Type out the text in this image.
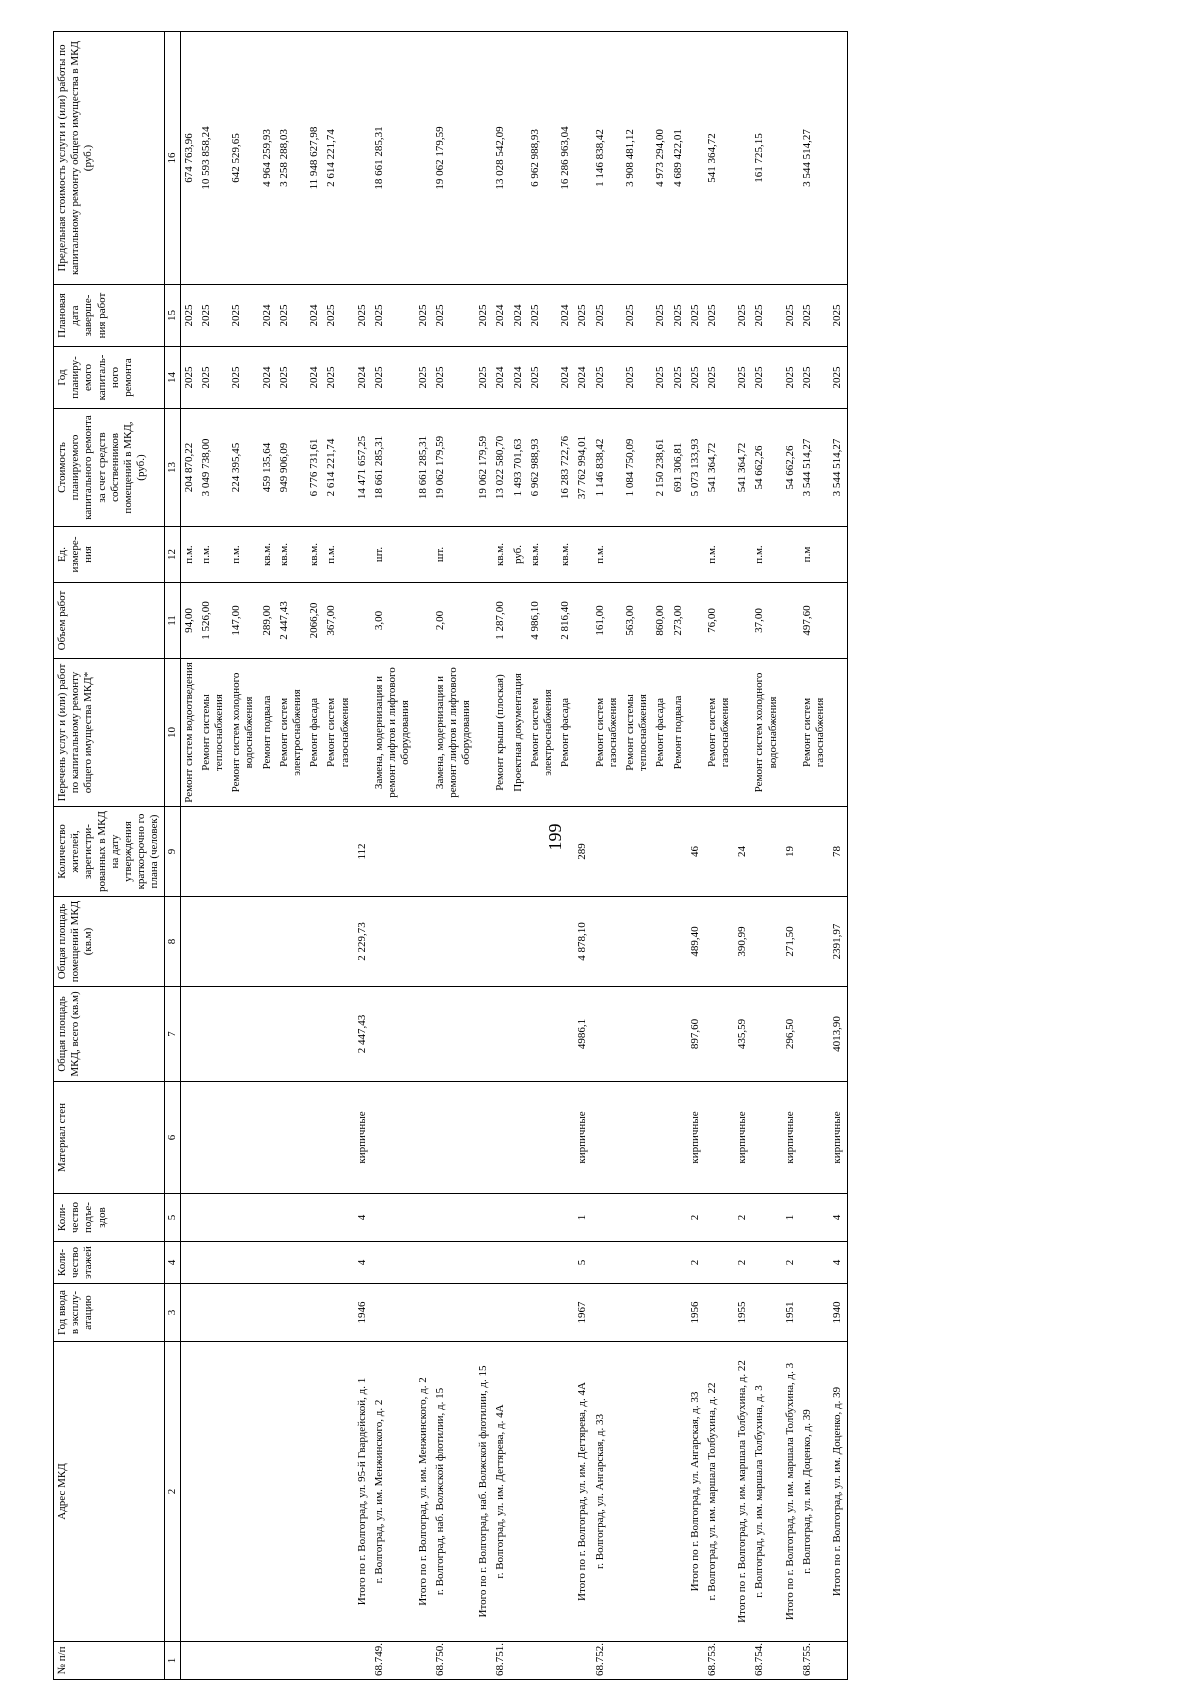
199
№ п/п	Адрес МКД	Год ввода в эксплу-атацию	Коли-чество этажей	Коли-чество подъе-здов	Материал стен	Общая площадь МКД, всего (кв.м)	Общая площадь помещений МКД (кв.м)	Количество жителей, зарегистри-рованных в МКД на дату утверждения краткосрочно го плана (человек)	Перечень услуг и (или) работ по капитальному ремонту общего имущества МКД*	Объем работ	Ед. измере-ния	Стоимость планируемого капитального ремонта за счет средств собственников помещений в МКД, (руб.)	Год планиру-емого капиталь-ного ремонта	Плановая дата заверше-ния работ	Предельная стоимость услуги и (или) работы по капитальному ремонту общего имущества в МКД (руб.)
1	2	3	4	5	6	7	8	9	10	11	12	13	14	15	16
									Ремонт систем водоотведения	94,00	п.м.	204 870,22	2025	2025	674 763,96
									Ремонт системы теплоснабжения	1 526,00	п.м.	3 049 738,00	2025	2025	10 593 858,24
									Ремонт систем холодного водоснабжения	147,00	п.м.	224 395,45	2025	2025	642 529,65
									Ремонт подвала	289,00	кв.м.	459 135,64	2024	2024	4 964 259,93
									Ремонт систем электроснабжения	2 447,43	кв.м.	949 906,09	2025	2025	3 258 288,03
									Ремонт фасада	2066,20	кв.м.	6 776 731,61	2024	2024	11 948 627,98
									Ремонт систем газоснабжения	367,00	п.м.	2 614 221,74	2025	2025	2 614 221,74
	Итого по г. Волгоград, ул. 95-й Гвардейской, д. 1	1946	4	4	кирпичные	2 447,43	2 229,73	112				14 471 657,25	2024	2025	
68.749.	г. Волгоград, ул. им. Менжинского, д. 2								Замена, модернизация и ремонт лифтов и лифтового оборудования	3,00	шт.	18 661 285,31	2025	2025	18 661 285,31
	Итого по г. Волгоград, ул. им. Менжинского, д. 2											18 661 285,31	2025	2025	
68.750.	г. Волгоград, наб. Волжской флотилии, д. 15								Замена, модернизация и ремонт лифтов и лифтового оборудования	2,00	шт.	19 062 179,59	2025	2025	19 062 179,59
	Итого по г. Волгоград, наб. Волжской флотилии, д. 15											19 062 179,59	2025	2025	
68.751.	г. Волгоград, ул. им. Дегтярева, д. 4А								Ремонт крыши (плоская)	1 287,00	кв.м.	13 022 580,70	2024	2024	13 028 542,09
									Проектная документация		руб.	1 493 701,63	2024	2024	
									Ремонт систем электроснабжения	4 986,10	кв.м.	6 962 988,93	2025	2025	6 962 988,93
									Ремонт фасада	2 816,40	кв.м.	16 283 722,76	2024	2024	16 286 963,04
	Итого по г. Волгоград, ул. им. Дегтярева, д. 4А	1967	5	1	кирпичные	4986,1	4 878,10	289				37 762 994,01	2024	2025	
68.752.	г. Волгоград, ул. Ангарская, д. 33								Ремонт систем газоснабжения	161,00	п.м.	1 146 838,42	2025	2025	1 146 838,42
									Ремонт системы теплоснабжения	563,00		1 084 750,09	2025	2025	3 908 481,12
									Ремонт фасада	860,00		2 150 238,61	2025	2025	4 973 294,00
									Ремонт подвала	273,00		691 306,81	2025	2025	4 689 422,01
	Итого по г. Волгоград, ул. Ангарская, д. 33	1956	2	2	кирпичные	897,60	489,40	46				5 073 133,93	2025	2025	
68.753.	г. Волгоград, ул. им. маршала Толбухина, д. 22								Ремонт систем газоснабжения	76,00	п.м.	541 364,72	2025	2025	541 364,72
	Итого по г. Волгоград, ул. им. маршала Толбухина, д. 22	1955	2	2	кирпичные	435,59	390,99	24				541 364,72	2025	2025	
68.754.	г. Волгоград, ул. им. маршала Толбухина, д. 3								Ремонт систем холодного водоснабжения	37,00	п.м.	54 662,26	2025	2025	161 725,15
	Итого по г. Волгоград, ул. им. маршала Толбухина, д. 3	1951	2	1	кирпичные	296,50	271,50	19				54 662,26	2025	2025	
68.755.	г. Волгоград, ул. им. Доценко, д. 39								Ремонт систем газоснабжения	497,60	п.м	3 544 514,27	2025	2025	3 544 514,27
	Итого по г. Волгоград, ул. им. Доценко, д. 39	1940	4	4	кирпичные	4013,90	2391,97	78				3 544 514,27	2025	2025	
